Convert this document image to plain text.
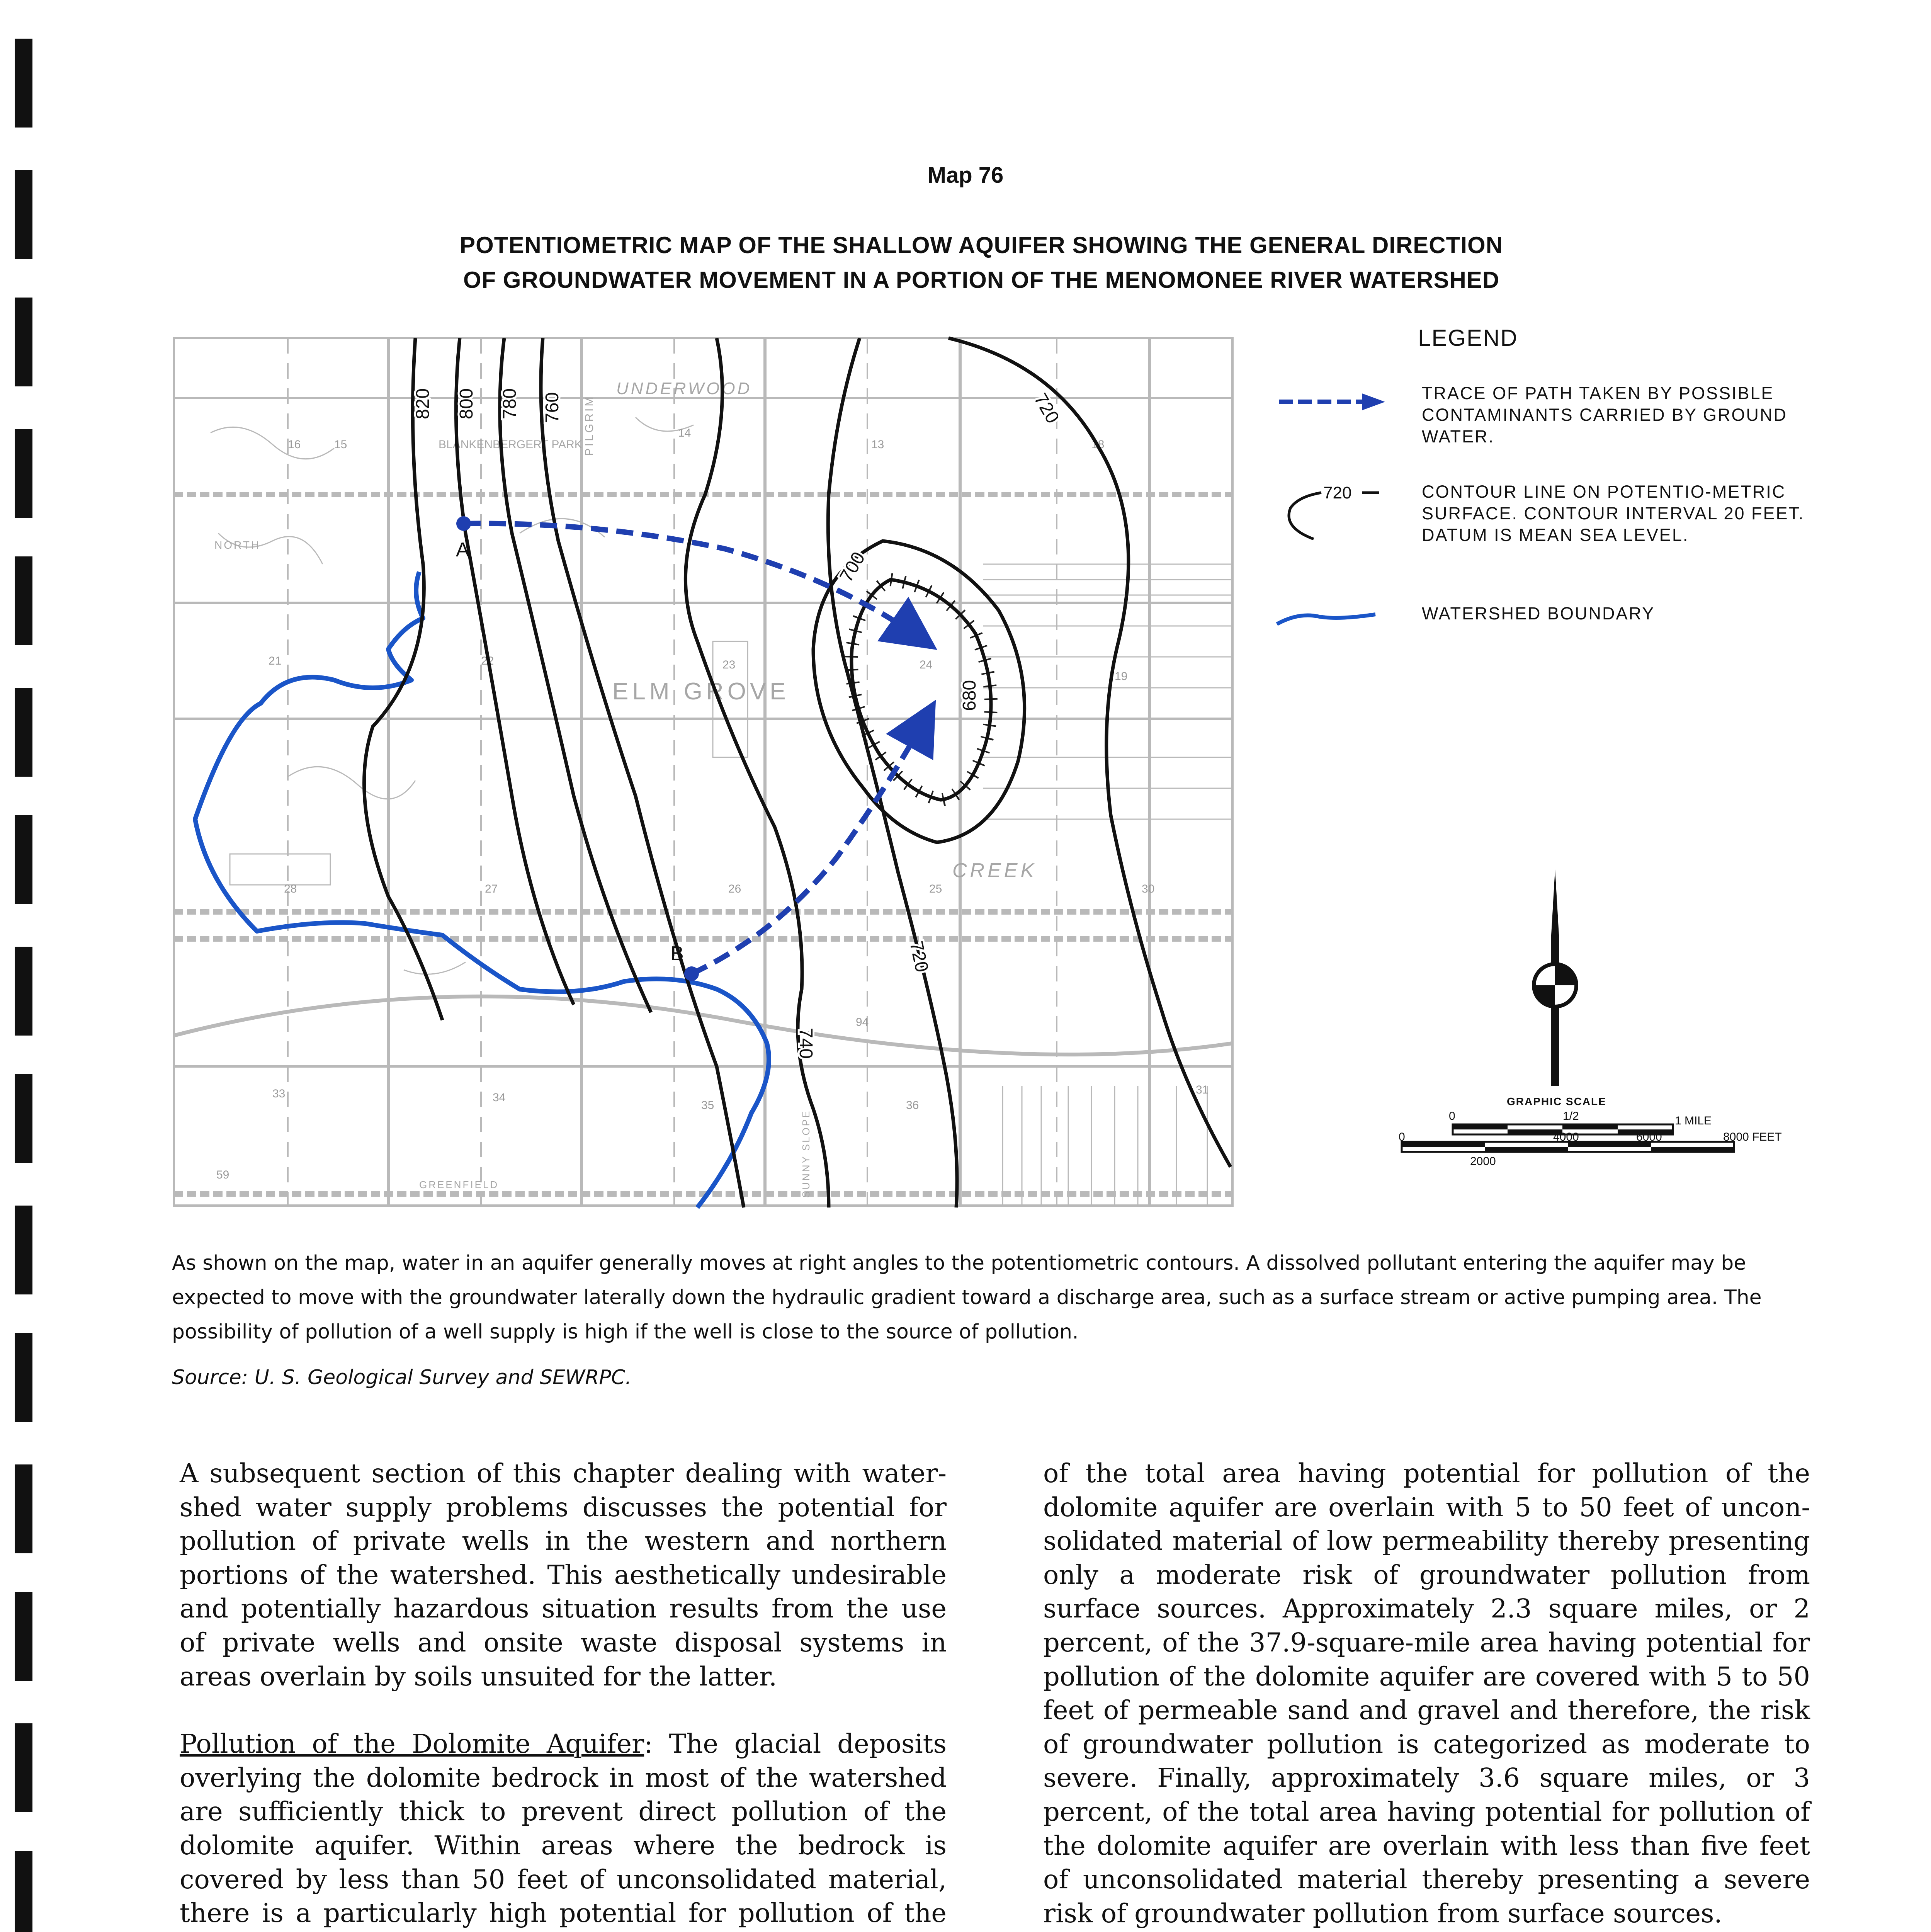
Map 76
POTENTIOMETRIC MAP OF THE SHALLOW AQUIFER SHOWING THE GENERAL DIRECTION
OF GROUNDWATER MOVEMENT IN A PORTION OF THE MENOMONEE RIVER WATERSHED
16	15
14
13	18
21	22	23	24
19
28	27	26	25	30
33	34
35	36
31
94
59
ELM GROVE
CREEK
PILGRIM
UNDERWOOD
GREENFIELD	SUNNY SLOPE
BLANKENBERGERT PARK
NORTH
820 800 780 760
740
720
720
700
680
A
B
LEGEND
TRACE OF PATH TAKEN BY POSSIBLE CONTAMINANTS CARRIED BY GROUND WATER.
720	CONTOUR LINE ON POTENTIO-METRIC SURFACE. CONTOUR INTERVAL 20 FEET. DATUM IS MEAN SEA LEVEL.
WATERSHED BOUNDARY
GRAPHIC SCALE
0	1/2	1 MILE
0
2000
4000	6000	8000 FEET
As shown on the map, water in an aquifer generally moves at right angles to the potentiometric contours. A dissolved pollutant entering the aquifer may be expected to move with the groundwater laterally down the hydraulic gradient toward a discharge area, such as a surface stream or active pumping area. The possibility of pollution of a well supply is high if the well is close to the source of pollution.
Source: U. S. Geological Survey and SEWRPC.

A subsequent section of this chapter dealing with water-shed water supply problems discusses the potential for pollution of private wells in the western and northern portions of the watershed. This aesthetically undesirable and potentially hazardous situation results from the use of private wells and onsite waste disposal systems in areas overlain by soils unsuited for the latter.

Pollution of the Dolomite Aquifer: The glacial deposits overlying the dolomite bedrock in most of the watershed are sufficiently thick to prevent direct pollution of the dolomite aquifer. Within areas where the bedrock is covered by less than 50 feet of unconsolidated material, there is a particularly high potential for pollution of the

of the total area having potential for pollution of the dolomite aquifer are overlain with 5 to 50 feet of uncon-solidated material of low permeability thereby presenting only a moderate risk of groundwater pollution from surface sources. Approximately 2.3 square miles, or 2 percent, of the 37.9-square-mile area having potential for pollution of the dolomite aquifer are covered with 5 to 50 feet of permeable sand and gravel and therefore, the risk of groundwater pollution is categorized as moderate to severe. Finally, approximately 3.6 square miles, or 3 percent, of the total area having potential for pollution of the dolomite aquifer are overlain with less than five feet of unconsolidated material thereby presenting a severe risk of groundwater pollution from surface sources.
